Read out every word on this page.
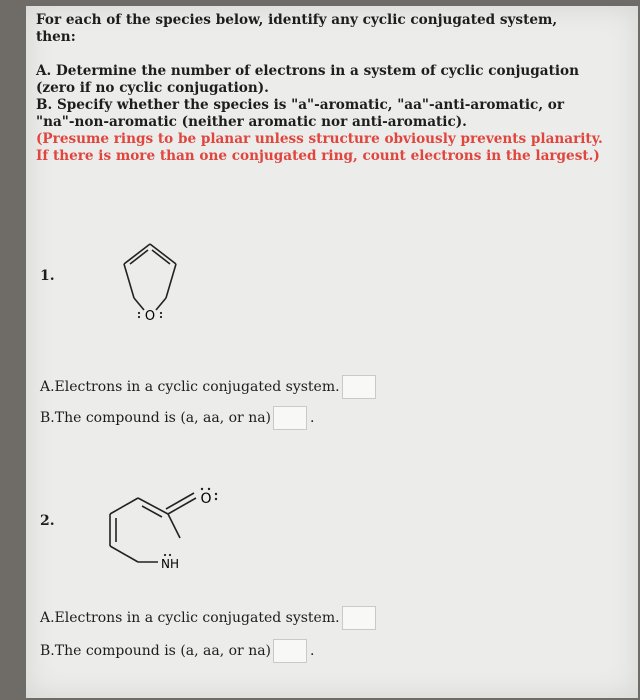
For each of the species below, identify any cyclic conjugated system,

then:

A. Determine the number of electrons in a system of cyclic conjugation

(zero if no cyclic conjugation).

B. Specify whether the species is "a"-aromatic, "aa"-anti-aromatic, or

"na"-non-aromatic (neither aromatic nor anti-aromatic).

(Presume rings to be planar unless structure obviously prevents planarity.

If there is more than one conjugated ring, count electrons in the largest.)

1.
O
A.Electrons in a cyclic conjugated system.
B.The compound is (a, aa, or na)	.
2.
O
NH
A.Electrons in a cyclic conjugated system.
B.The compound is (a, aa, or na)	.
